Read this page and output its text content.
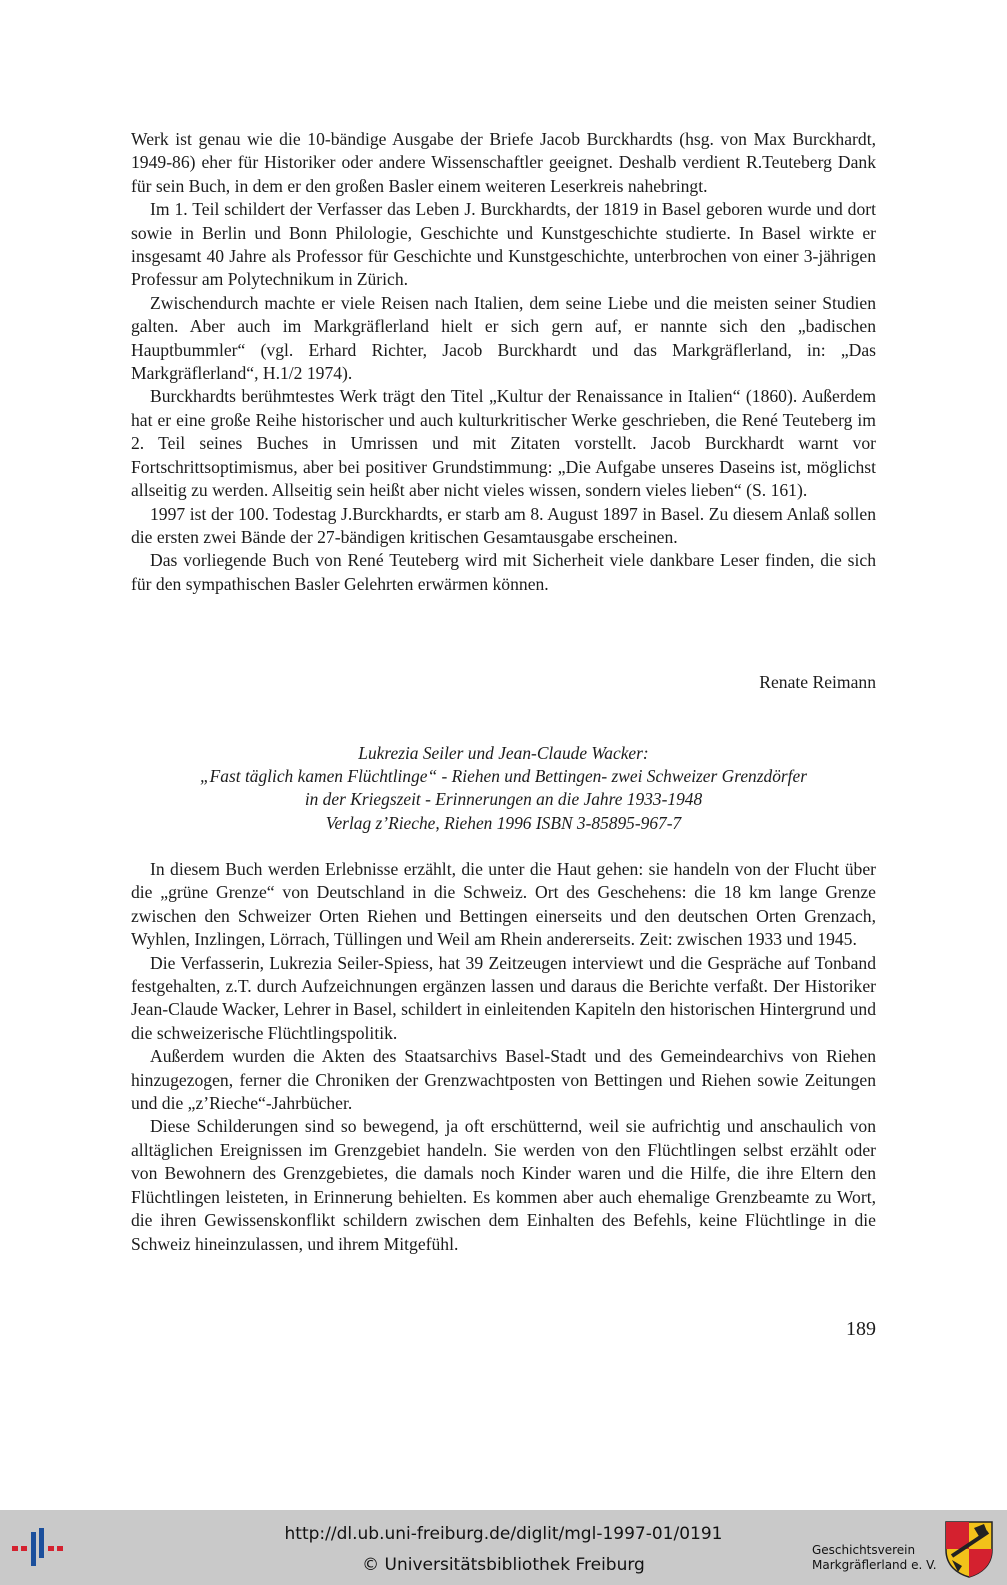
Werk ist genau wie die 10-bändige Ausgabe der Briefe Jacob Burckhardts (hsg. von Max Burckhardt, 1949-86) eher für Historiker oder andere Wissenschaftler geeignet. Deshalb verdient R.Teuteberg Dank für sein Buch, in dem er den großen Basler einem weiteren Leserkreis nahebringt.

Im 1. Teil schildert der Verfasser das Leben J. Burckhardts, der 1819 in Basel geboren wurde und dort sowie in Berlin und Bonn Philologie, Geschichte und Kunstgeschichte studierte. In Basel wirkte er insgesamt 40 Jahre als Professor für Geschichte und Kunstgeschichte, unterbrochen von einer 3-jährigen Professur am Polytechnikum in Zürich.

Zwischendurch machte er viele Reisen nach Italien, dem seine Liebe und die meisten seiner Studien galten. Aber auch im Markgräflerland hielt er sich gern auf, er nannte sich den „badischen Hauptbummler“ (vgl. Erhard Richter, Jacob Burckhardt und das Markgräflerland, in: „Das Markgräflerland“, H.1/2 1974).

Burckhardts berühmtestes Werk trägt den Titel „Kultur der Renaissance in Italien“ (1860). Außerdem hat er eine große Reihe historischer und auch kulturkritischer Werke geschrieben, die René Teuteberg im 2. Teil seines Buches in Umrissen und mit Zitaten vorstellt. Jacob Burckhardt warnt vor Fortschrittsoptimismus, aber bei positiver Grundstimmung: „Die Aufgabe unseres Daseins ist, möglichst allseitig zu werden. Allseitig sein heißt aber nicht vieles wissen, sondern vieles lieben“ (S. 161).

1997 ist der 100. Todestag J.Burckhardts, er starb am 8. August 1897 in Basel. Zu diesem Anlaß sollen die ersten zwei Bände der 27-bändigen kritischen Gesamtausgabe erscheinen.

Das vorliegende Buch von René Teuteberg wird mit Sicherheit viele dankbare Leser finden, die sich für den sympathischen Basler Gelehrten erwärmen können.

Renate Reimann
Lukrezia Seiler und Jean-Claude Wacker:
„Fast täglich kamen Flüchtlinge“ - Riehen und Bettingen- zwei Schweizer Grenzdörfer
in der Kriegszeit - Erinnerungen an die Jahre 1933-1948
Verlag z’Rieche, Riehen 1996 ISBN 3-85895-967-7

In diesem Buch werden Erlebnisse erzählt, die unter die Haut gehen: sie handeln von der Flucht über die „grüne Grenze“ von Deutschland in die Schweiz. Ort des Geschehens: die 18 km lange Grenze zwischen den Schweizer Orten Riehen und Bettingen einerseits und den deutschen Orten Grenzach, Wyhlen, Inzlingen, Lörrach, Tüllingen und Weil am Rhein andererseits. Zeit: zwischen 1933 und 1945.

Die Verfasserin, Lukrezia Seiler-Spiess, hat 39 Zeitzeugen interviewt und die Gespräche auf Tonband festgehalten, z.T. durch Aufzeichnungen ergänzen lassen und daraus die Berichte verfaßt. Der Historiker Jean-Claude Wacker, Lehrer in Basel, schildert in einleitenden Kapiteln den historischen Hintergrund und die schweizerische Flüchtlingspolitik.

Außerdem wurden die Akten des Staatsarchivs Basel-Stadt und des Gemeindearchivs von Riehen hinzugezogen, ferner die Chroniken der Grenzwachtposten von Bettingen und Riehen sowie Zeitungen und die „z’Rieche“-Jahrbücher.

Diese Schilderungen sind so bewegend, ja oft erschütternd, weil sie aufrichtig und anschaulich von alltäglichen Ereignissen im Grenzgebiet handeln. Sie werden von den Flüchtlingen selbst erzählt oder von Bewohnern des Grenzgebietes, die damals noch Kinder waren und die Hilfe, die ihre Eltern den Flüchtlingen leisteten, in Erinnerung behielten. Es kommen aber auch ehemalige Grenzbeamte zu Wort, die ihren Gewissenskonflikt schildern zwischen dem Einhalten des Befehls, keine Flüchtlinge in die Schweiz hineinzulassen, und ihrem Mitgefühl.

189
http://dl.ub.uni-freiburg.de/diglit/mgl-1997-01/0191
© Universitätsbibliothek Freiburg
Geschichtsverein
Markgräflerland e. V.
